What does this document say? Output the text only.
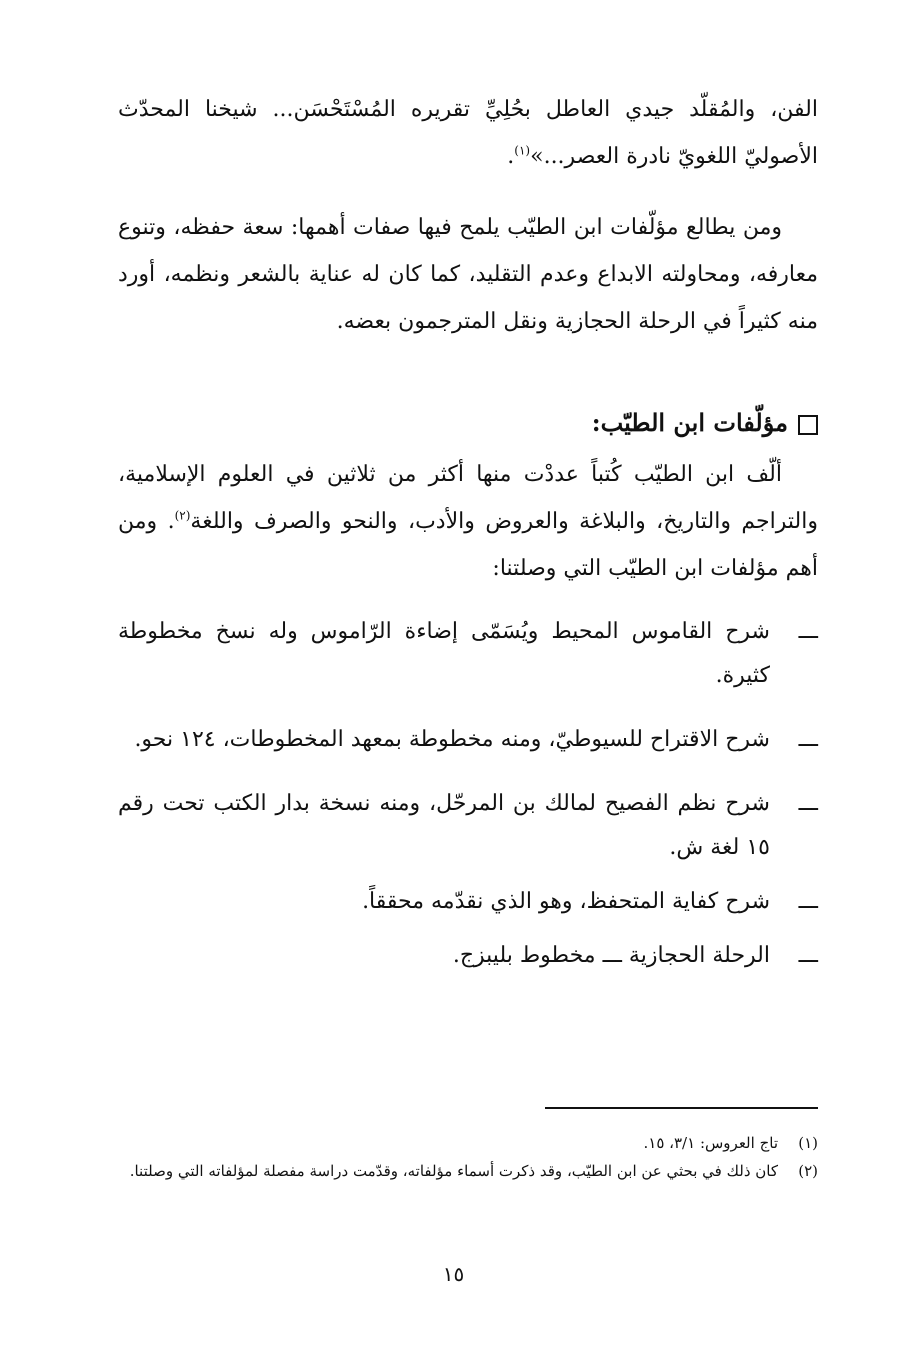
الفن، والمُقلّد جيدي العاطل بحُلِيِّ تقريره المُسْتَحْسَن... شيخنا المحدّث الأصوليّ اللغويّ نادرة العصر...»$^{(١)}$.

ومن يطالع مؤلّفات ابن الطيّب يلمح فيها صفات أهمها: سعة حفظه، وتنوع معارفه، ومحاولته الابداع وعدم التقليد، كما كان له عناية بالشعر ونظمه، أورد منه كثيراً في الرحلة الحجازية ونقل المترجمون بعضه.

مؤلّفات ابن الطيّب:

ألّف ابن الطيّب كُتباً عددْت منها أكثر من ثلاثين في العلوم الإسلامية، والتراجم والتاريخ، والبلاغة والعروض والأدب، والنحو والصرف واللغة$^{(٢)}$. ومن أهم مؤلفات ابن الطيّب التي وصلتنا:

ـــشرح القاموس المحيط ويُسَمّى إضاءة الرّاموس وله نسخ مخطوطة كثيرة.
ـــشرح الاقتراح للسيوطيّ، ومنه مخطوطة بمعهد المخطوطات، ١٢٤ نحو.
ـــشرح نظم الفصيح لمالك بن المرحّل، ومنه نسخة بدار الكتب تحت رقم ١٥ لغة ش.
ـــشرح كفاية المتحفظ، وهو الذي نقدّمه محققاً.
ـــالرحلة الحجازية ـــ مخطوط بليبزج.
(١)
تاج العروس: ٣/١، ١٥.
(٢)
كان ذلك في بحثي عن ابن الطيّب، وقد ذكرت أسماء مؤلفاته، وقدّمت دراسة مفصلة لمؤلفاته التي وصلتنا.
١٥
